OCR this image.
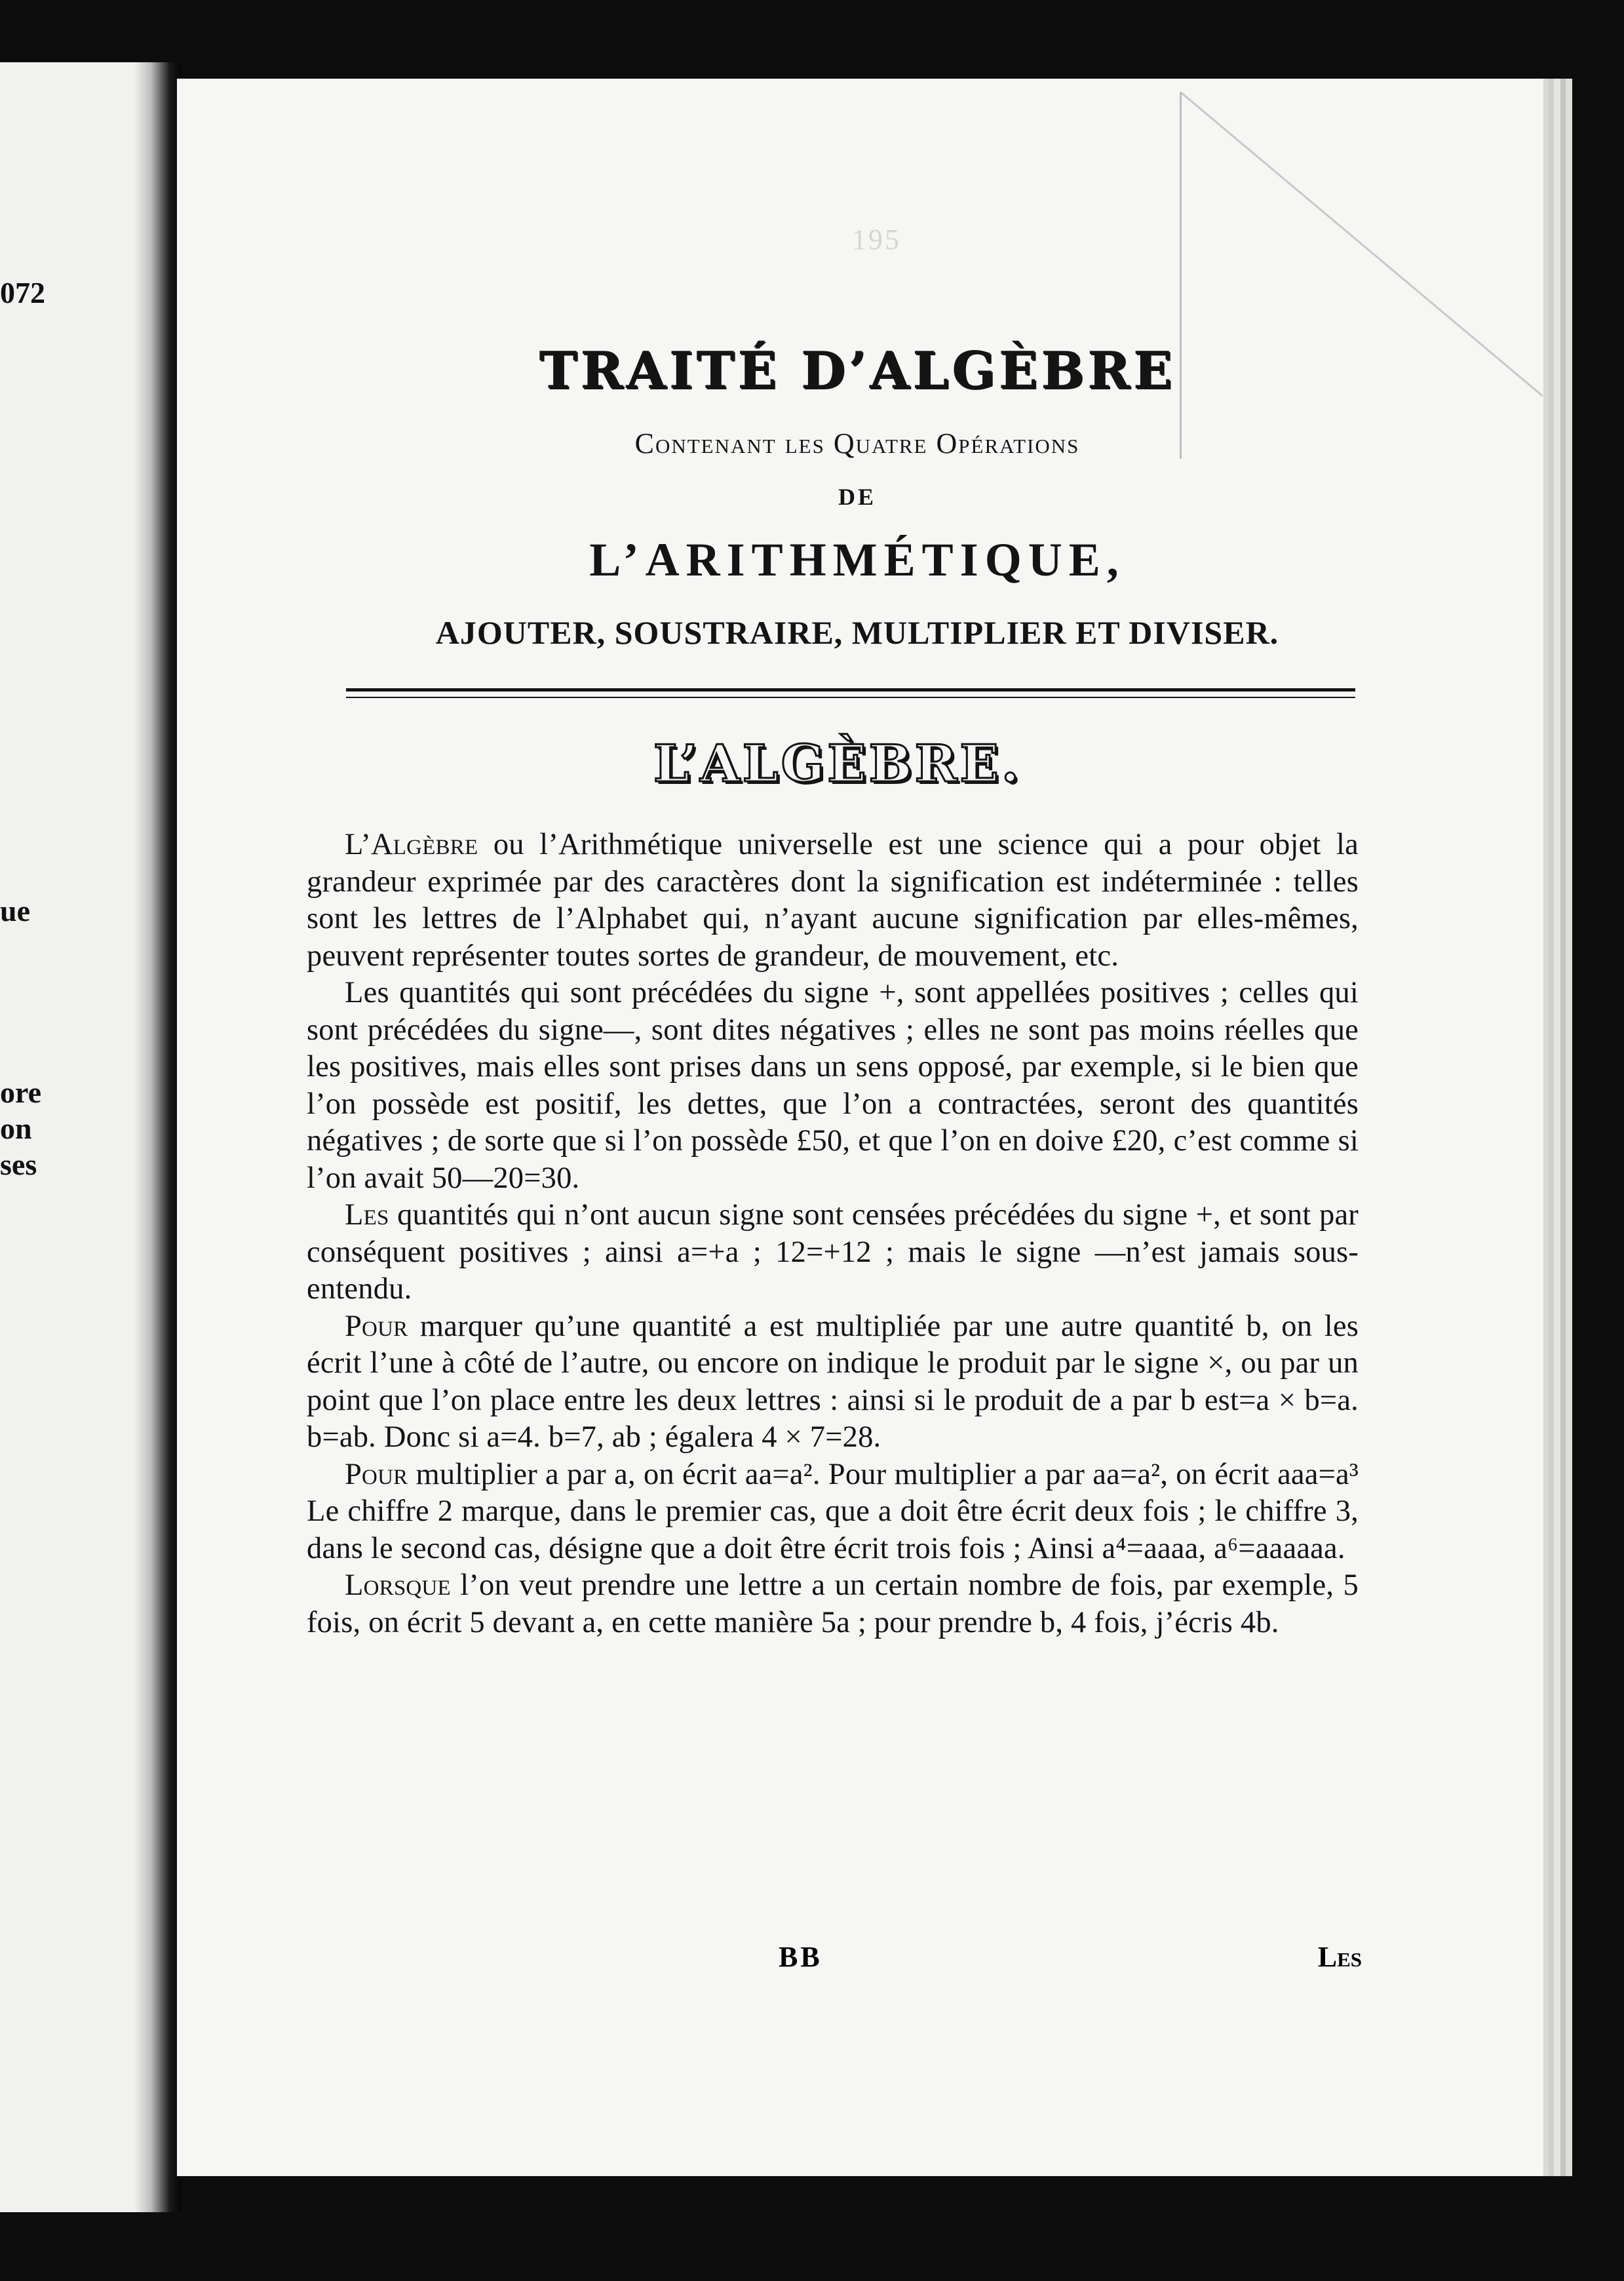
072
ue
ore
on
ses
195
TRAITÉ D’ALGÈBRE
Contenant les Quatre Opérations
DE
L’ARITHMÉTIQUE,
AJOUTER, SOUSTRAIRE, MULTIPLIER ET DIVISER.
L’ALGÈBRE.

L’Algèbre ou l’Arithmétique universelle est une science qui a pour objet la grandeur exprimée par des caractères dont la signification est indéterminée : telles sont les lettres de l’Alphabet qui, n’ayant aucune signification par elles-mêmes, peuvent représenter toutes sortes de grandeur, de mouvement, etc.

Les quantités qui sont précédées du signe +, sont appellées positives ; celles qui sont précédées du signe—, sont dites négatives ; elles ne sont pas moins réelles que les positives, mais elles sont prises dans un sens opposé, par exemple, si le bien que l’on possède est positif, les dettes, que l’on a contractées, seront des quantités négatives ; de sorte que si l’on possède £50, et que l’on en doive £20, c’est comme si l’on avait 50—20=30.

Les quantités qui n’ont aucun signe sont censées précédées du signe +, et sont par conséquent positives ; ainsi a=+a ; 12=+12 ; mais le signe —n’est jamais sous-entendu.

Pour marquer qu’une quantité a est multipliée par une autre quantité b, on les écrit l’une à côté de l’autre, ou encore on indique le produit par le signe ×, ou par un point que l’on place entre les deux lettres : ainsi si le produit de a par b est=a × b=a. b=ab. Donc si a=4. b=7, ab ; égalera 4 × 7=28.

Pour multiplier a par a, on écrit aa=a². Pour multiplier a par aa=a², on écrit aaa=a³ Le chiffre 2 marque, dans le premier cas, que a doit être écrit deux fois ; le chiffre 3, dans le second cas, désigne que a doit être écrit trois fois ; Ainsi a⁴=aaaa, a⁶=aaaaaa.

Lorsque l’on veut prendre une lettre a un certain nombre de fois, par exemple, 5 fois, on écrit 5 devant a, en cette manière 5a ; pour prendre b, 4 fois, j’écris 4b.

BB	Les
